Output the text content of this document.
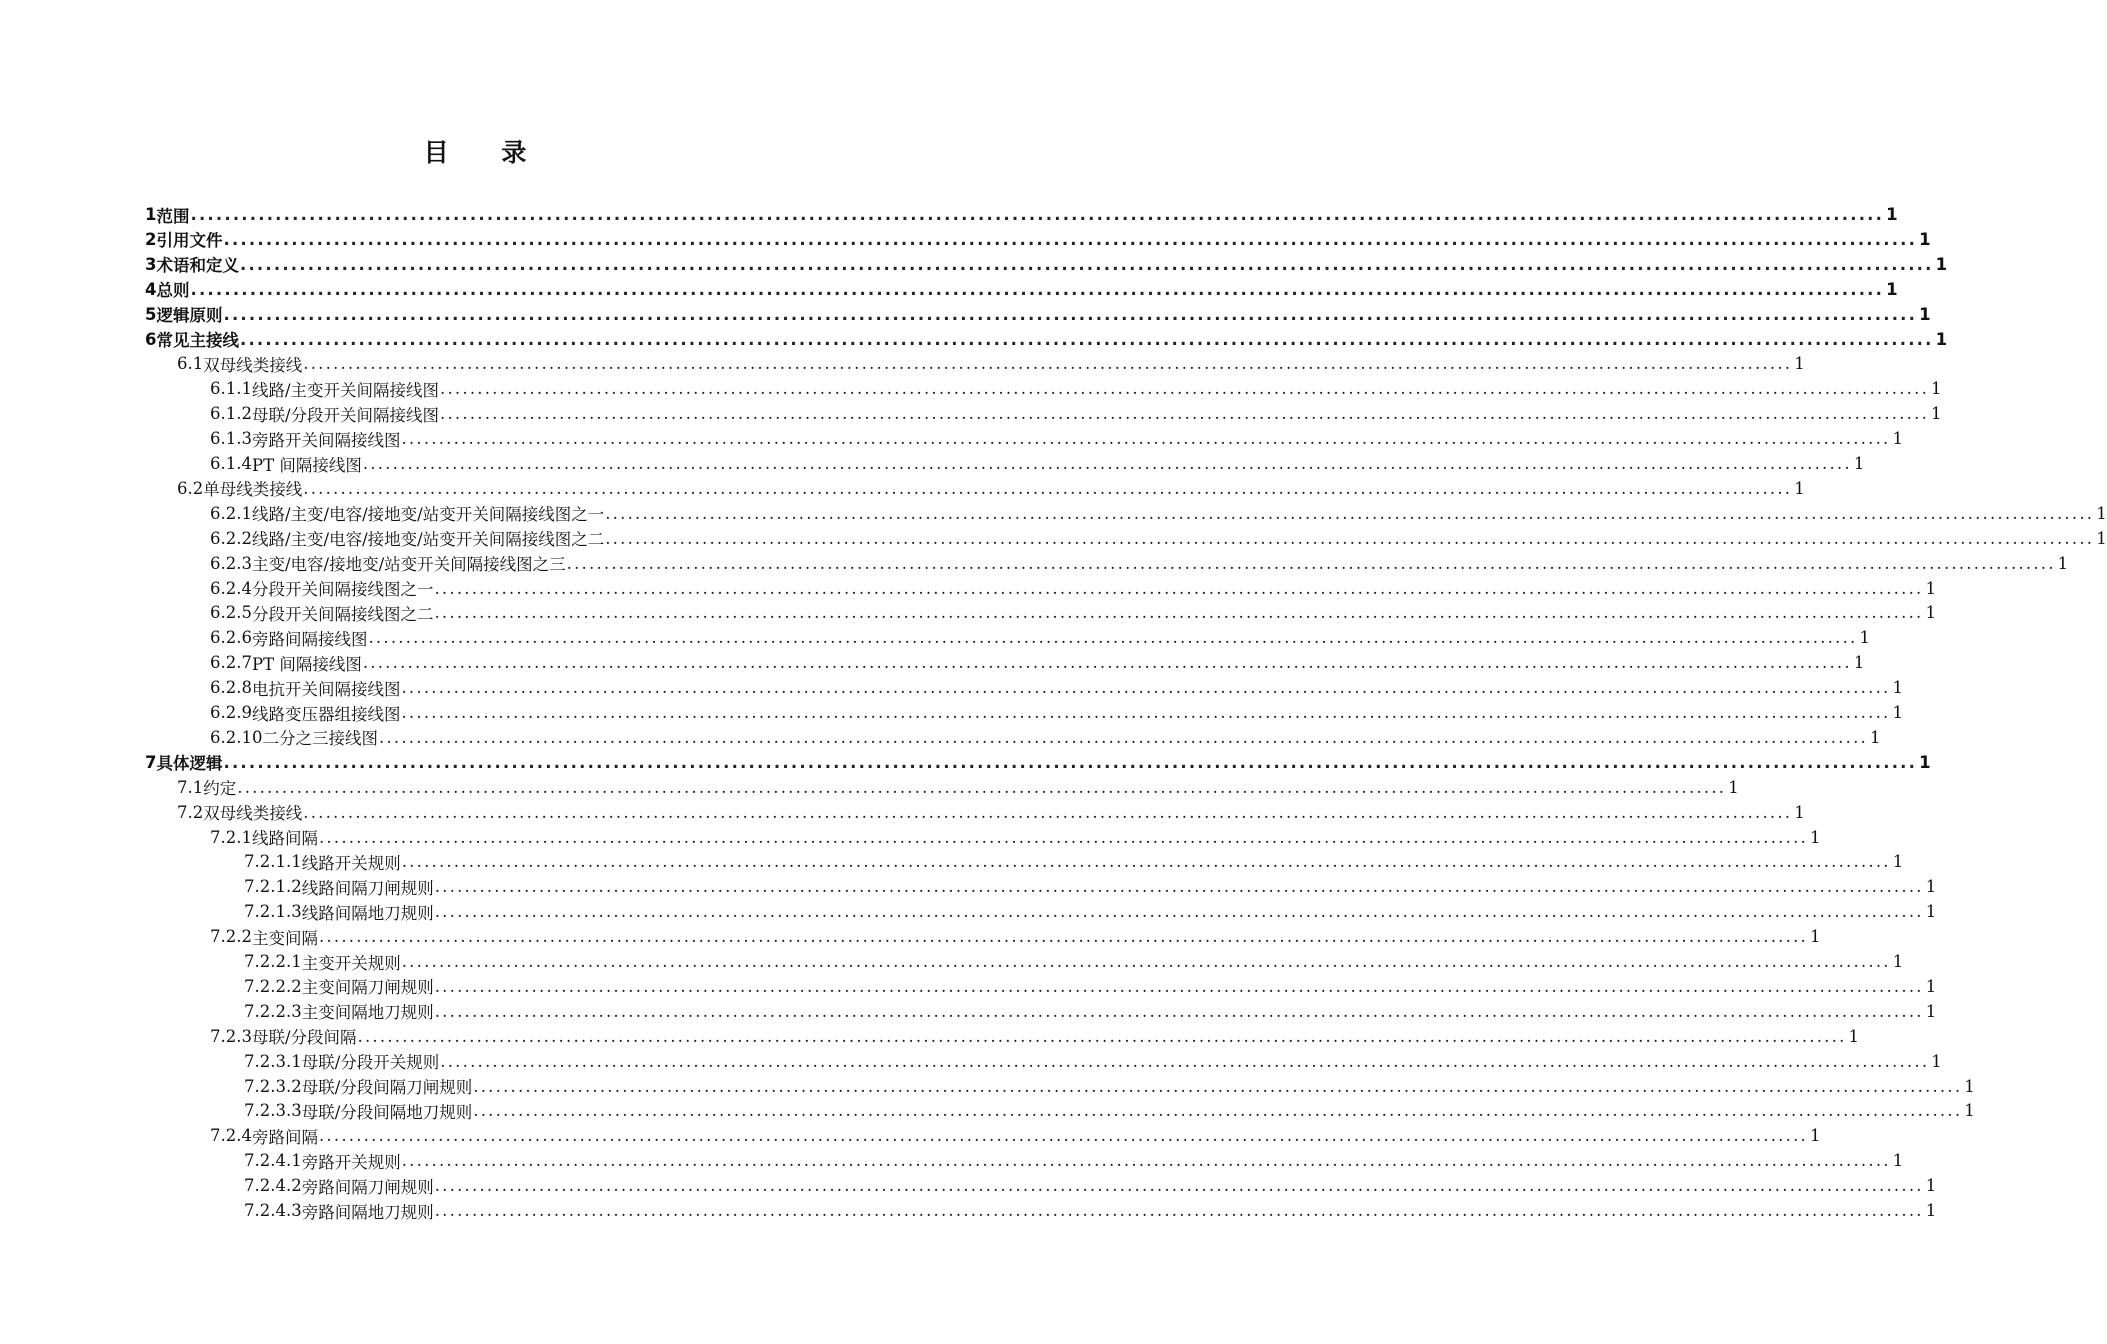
目 录
1 范围 ........................................................................................................................................................................................................ 1
2 引用文件 ........................................................................................................................................................................................................ 1
3 术语和定义 ........................................................................................................................................................................................................ 1
4 总则 ........................................................................................................................................................................................................ 1
5 逻辑原则 ........................................................................................................................................................................................................ 1
6 常见主接线 ........................................................................................................................................................................................................ 1
6.1 双母线类接线 ........................................................................................................................................................................................................ 1
6.1.1 线路/主变开关间隔接线图 ........................................................................................................................................................................................................ 1
6.1.2 母联/分段开关间隔接线图 ........................................................................................................................................................................................................ 1
6.1.3 旁路开关间隔接线图 ........................................................................................................................................................................................................ 1
6.1.4 PT 间隔接线图 ........................................................................................................................................................................................................ 1
6.2 单母线类接线 ........................................................................................................................................................................................................ 1
6.2.1 线路/主变/电容/接地变/站变开关间隔接线图之一 ........................................................................................................................................................................................................ 1
6.2.2 线路/主变/电容/接地变/站变开关间隔接线图之二 ........................................................................................................................................................................................................ 1
6.2.3 主变/电容/接地变/站变开关间隔接线图之三 ........................................................................................................................................................................................................ 1
6.2.4 分段开关间隔接线图之一 ........................................................................................................................................................................................................ 1
6.2.5 分段开关间隔接线图之二 ........................................................................................................................................................................................................ 1
6.2.6 旁路间隔接线图 ........................................................................................................................................................................................................ 1
6.2.7 PT 间隔接线图 ........................................................................................................................................................................................................ 1
6.2.8 电抗开关间隔接线图 ........................................................................................................................................................................................................ 1
6.2.9 线路变压器组接线图 ........................................................................................................................................................................................................ 1
6.2.10 二分之三接线图 ........................................................................................................................................................................................................ 1
7 具体逻辑 ........................................................................................................................................................................................................ 1
7.1 约定 ........................................................................................................................................................................................................ 1
7.2 双母线类接线 ........................................................................................................................................................................................................ 1
7.2.1 线路间隔 ........................................................................................................................................................................................................ 1
7.2.1.1 线路开关规则 ........................................................................................................................................................................................................ 1
7.2.1.2 线路间隔刀闸规则 ........................................................................................................................................................................................................ 1
7.2.1.3 线路间隔地刀规则 ........................................................................................................................................................................................................ 1
7.2.2 主变间隔 ........................................................................................................................................................................................................ 1
7.2.2.1 主变开关规则 ........................................................................................................................................................................................................ 1
7.2.2.2 主变间隔刀闸规则 ........................................................................................................................................................................................................ 1
7.2.2.3 主变间隔地刀规则 ........................................................................................................................................................................................................ 1
7.2.3 母联/分段间隔 ........................................................................................................................................................................................................ 1
7.2.3.1 母联/分段开关规则 ........................................................................................................................................................................................................ 1
7.2.3.2 母联/分段间隔刀闸规则 ........................................................................................................................................................................................................ 1
7.2.3.3 母联/分段间隔地刀规则 ........................................................................................................................................................................................................ 1
7.2.4 旁路间隔 ........................................................................................................................................................................................................ 1
7.2.4.1 旁路开关规则 ........................................................................................................................................................................................................ 1
7.2.4.2 旁路间隔刀闸规则 ........................................................................................................................................................................................................ 1
7.2.4.3 旁路间隔地刀规则 ........................................................................................................................................................................................................ 1
